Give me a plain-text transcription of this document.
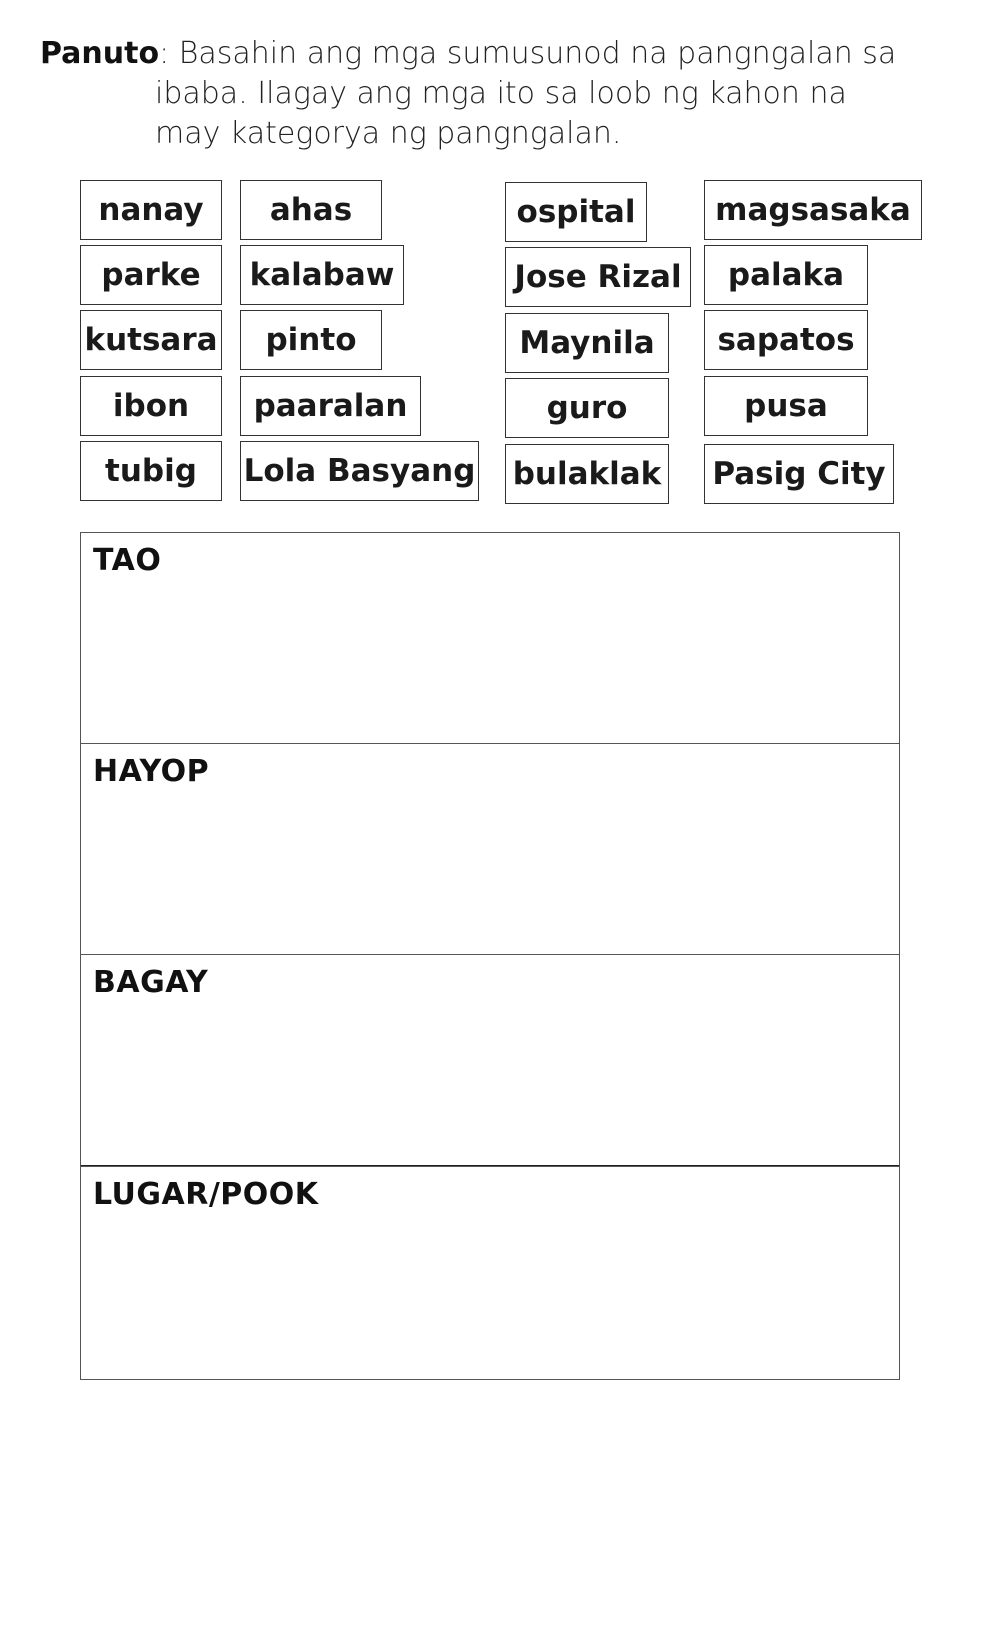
Panuto: Basahin ang mga sumusunod na pangngalan sa
ibaba. Ilagay ang mga ito sa loob ng kahon na
may kategorya ng pangngalan.
nanay
parke
kutsara
ibon
tubig
ahas
kalabaw
pinto
paaralan
Lola Basyang
ospital
Jose Rizal
Maynila
guro
bulaklak
magsasaka
palaka
sapatos
pusa
Pasig City
TAO
HAYOP
BAGAY
LUGAR/POOK
